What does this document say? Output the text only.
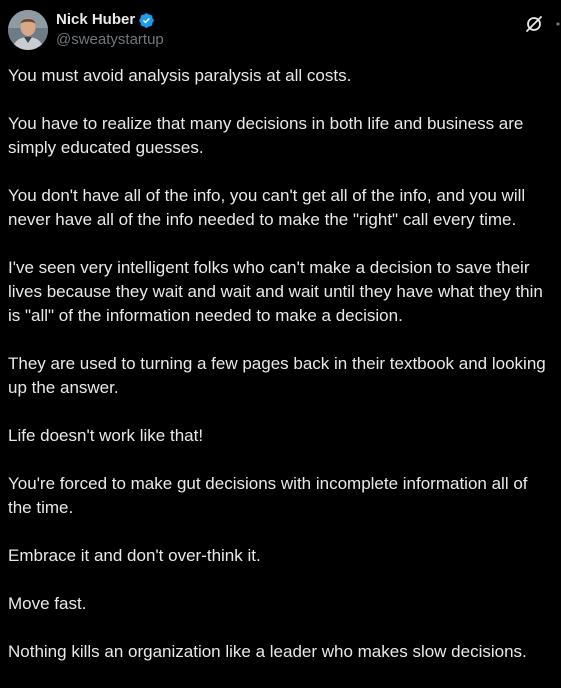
Nick Huber
@sweatystartup

You must avoid analysis paralysis at all costs.

You have to realize that many decisions in both life and business are
simply educated guesses.

You don't have all of the info, you can't get all of the info, and you will
never have all of the info needed to make the "right" call every time.

I've seen very intelligent folks who can't make a decision to save their
lives because they wait and wait and wait until they have what they thin
is "all" of the information needed to make a decision.

They are used to turning a few pages back in their textbook and looking
up the answer.

Life doesn't work like that!

You're forced to make gut decisions with incomplete information all of
the time.

Embrace it and don't over-think it.

Move fast.

Nothing kills an organization like a leader who makes slow decisions.
